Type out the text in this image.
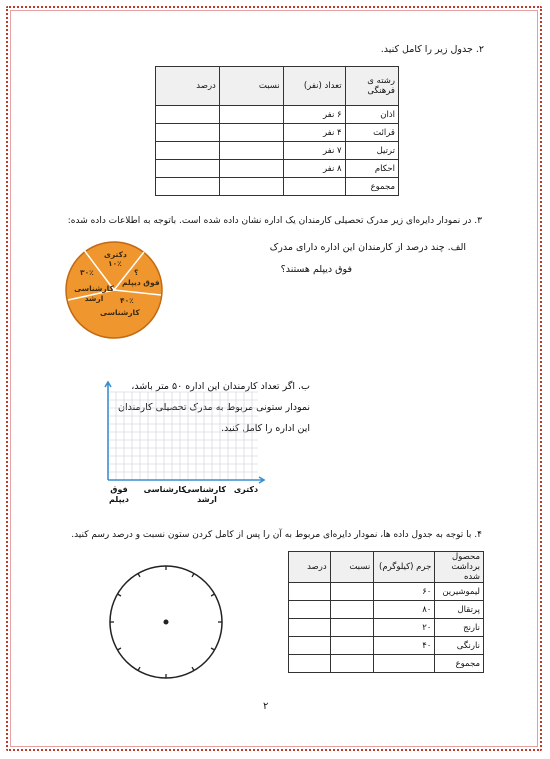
۲. جدول زیر را کامل کنید.
رشته ی فرهنگی	تعداد (نفر)	نسبت	درصد
اذان	۶ نفر		
قرائت	۴ نفر		
ترتیل	۷ نفر		
احکام	۸ نفر		
مجموع			
۳. در نمودار دایره‌ای زیر مدرک تحصیلی کارمندان یک اداره نشان داده شده است. باتوجه به اطلاعات داده شده:
الف. چند درصد از کارمندان این اداره دارای مدرک
فوق دیپلم هستند؟
دکتری
۱۰٪
۳۰٪	؟
فوق دیپلم
کارشناسی ارشد	۴۰٪
کارشناسی
ب. اگر تعداد کارمندان این اداره ۵۰ متر باشد،
نمودار ستونی مربوط به مدرک تحصیلی کارمندان
این اداره را کامل کنید.
دکتری
کارشناسی ارشد
کارشناسی
فوق دیپلم
۴. با توجه به جدول داده ها، نمودار دایره‌ای مربوط به آن را پس از کامل کردن ستون نسبت و درصد رسم کنید.
محصول برداشت شده	جرم (کیلوگرم)	نسبت	درصد
لیموشیرین	۶۰		
پرتقال	۸۰		
نارنج	۲۰		
نارنگی	۴۰		
مجموع			
۲
